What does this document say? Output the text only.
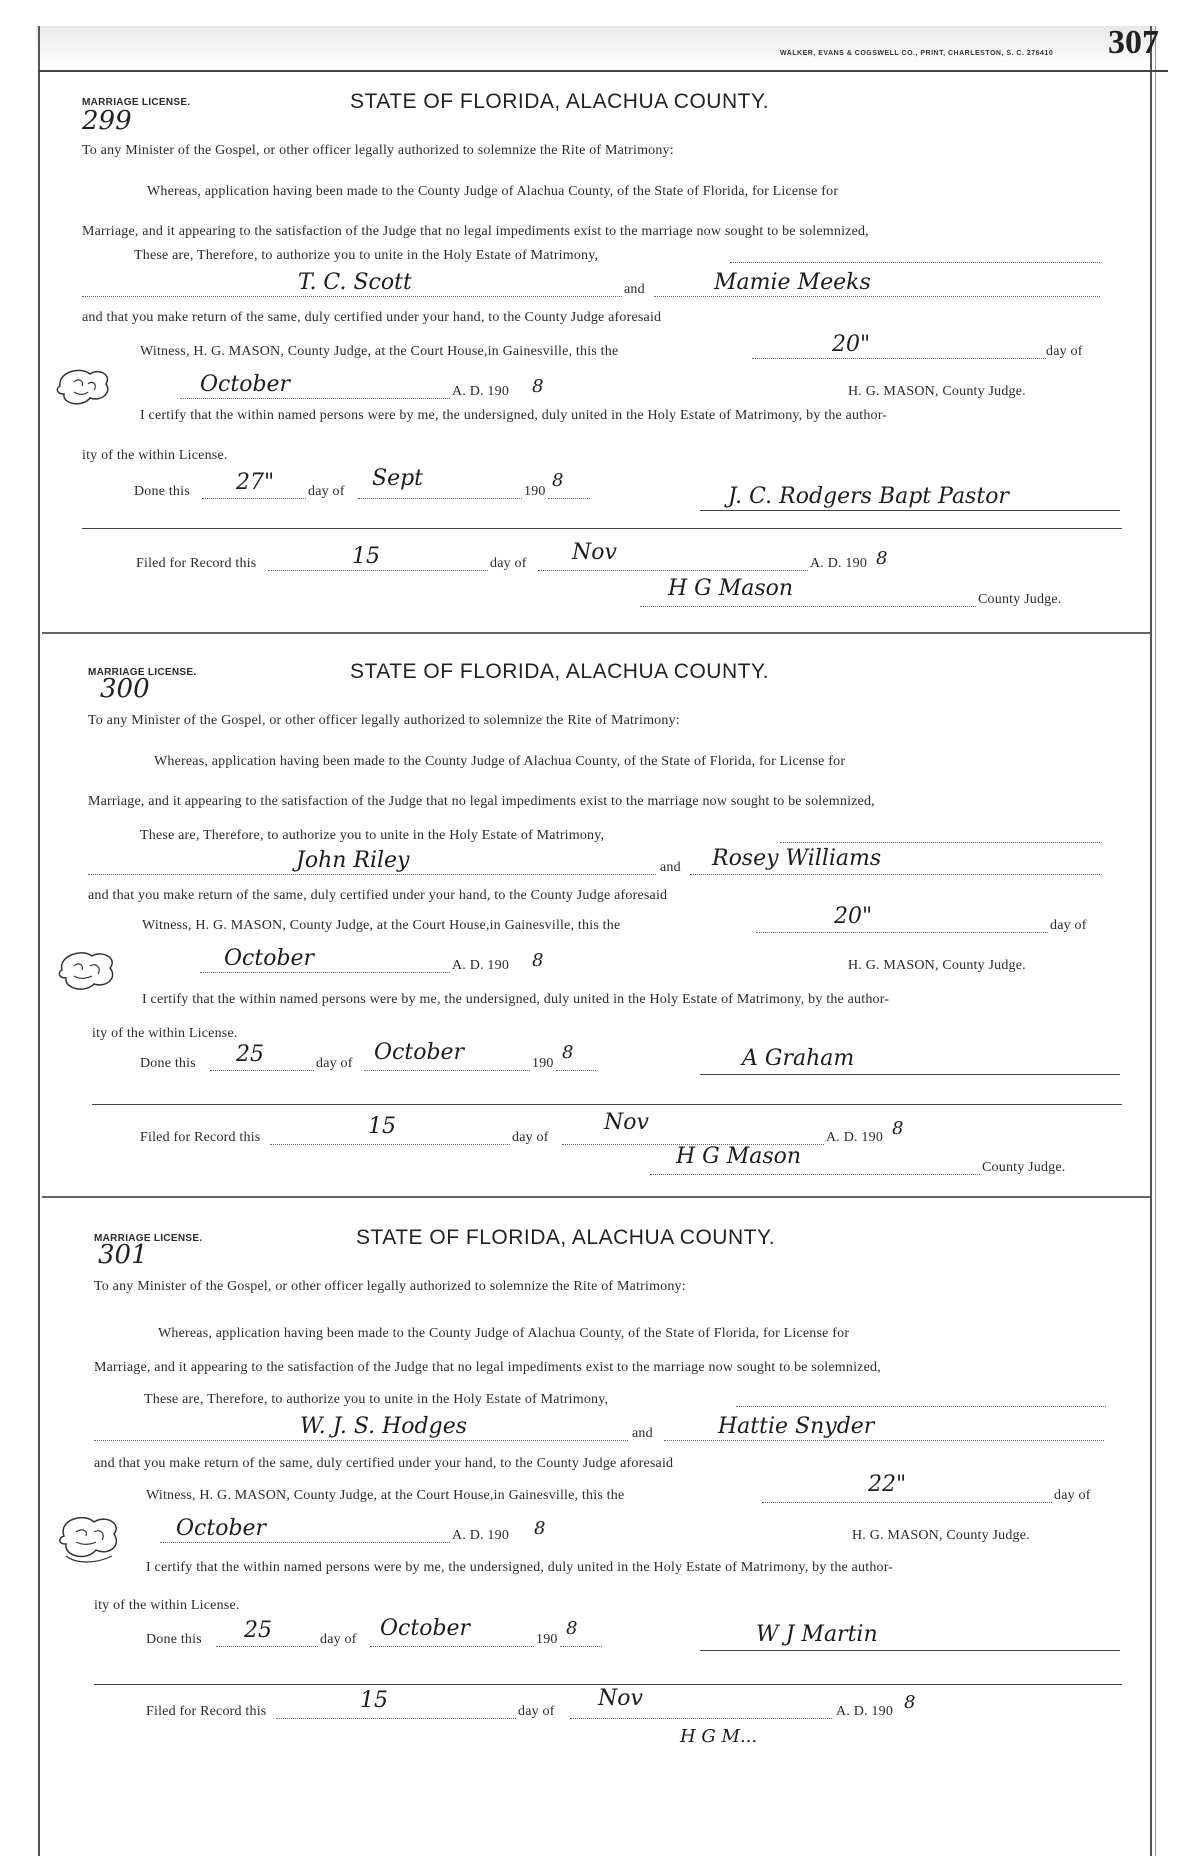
WALKER, EVANS & COGSWELL CO., PRINT, CHARLESTON, S. C. 276410 307
MARRIAGE LICENSE.
299
STATE OF FLORIDA, ALACHUA COUNTY.
To any Minister of the Gospel, or other officer legally authorized to solemnize the Rite of Matrimony:
Whereas, application having been made to the County Judge of Alachua County, of the State of Florida, for License for
Marriage, and it appearing to the satisfaction of the Judge that no legal impediments exist to the marriage now sought to be solemnized,
These are, Therefore, to authorize you to unite in the Holy Estate of Matrimony,
T. C. Scott	and	Mamie Meeks
and that you make return of the same, duly certified under your hand, to the County Judge aforesaid
Witness, H. G. MASON, County Judge, at the Court House,in Gainesville, this the	20"	day of
October	A. D. 190 8	H. G. MASON, County Judge.
I certify that the within named persons were by me, the undersigned, duly united in the Holy Estate of Matrimony, by the author-
ity of the within License.
Done this 27" day of
Sept
190
8
J. C. Rodgers Bapt Pastor
Filed for Record this	15	day of Nov	A. D. 190 8
H G Mason	County Judge.
MARRIAGE LICENSE.
300
STATE OF FLORIDA, ALACHUA COUNTY.
To any Minister of the Gospel, or other officer legally authorized to solemnize the Rite of Matrimony:
Whereas, application having been made to the County Judge of Alachua County, of the State of Florida, for License for
Marriage, and it appearing to the satisfaction of the Judge that no legal impediments exist to the marriage now sought to be solemnized,
These are, Therefore, to authorize you to unite in the Holy Estate of Matrimony,
John Riley	and Rosey Williams
and that you make return of the same, duly certified under your hand, to the County Judge aforesaid
Witness, H. G. MASON, County Judge, at the Court House,in Gainesville, this the	20"	day of
October	A. D. 190 8	H. G. MASON, County Judge.
I certify that the within named persons were by me, the undersigned, duly united in the Holy Estate of Matrimony, by the author-
ity of the within License.
Done this 25	day of October	190
8	A Graham
Filed for Record this	15	day of
Nov
A. D. 190 8
H G Mason	County Judge.
MARRIAGE LICENSE.
301
STATE OF FLORIDA, ALACHUA COUNTY.
To any Minister of the Gospel, or other officer legally authorized to solemnize the Rite of Matrimony:
Whereas, application having been made to the County Judge of Alachua County, of the State of Florida, for License for
Marriage, and it appearing to the satisfaction of the Judge that no legal impediments exist to the marriage now sought to be solemnized,
These are, Therefore, to authorize you to unite in the Holy Estate of Matrimony,
W. J. S. Hodges	and	Hattie Snyder
and that you make return of the same, duly certified under your hand, to the County Judge aforesaid
Witness, H. G. MASON, County Judge, at the Court House,in Gainesville, this the	22"	day of
October	A. D. 190 8	H. G. MASON, County Judge.
I certify that the within named persons were by me, the undersigned, duly united in the Holy Estate of Matrimony, by the author-
ity of the within License.
Done this 25	day of October	190
8	W J Martin
Filed for Record this	15	day of
Nov
A. D. 190 8
H G M...
